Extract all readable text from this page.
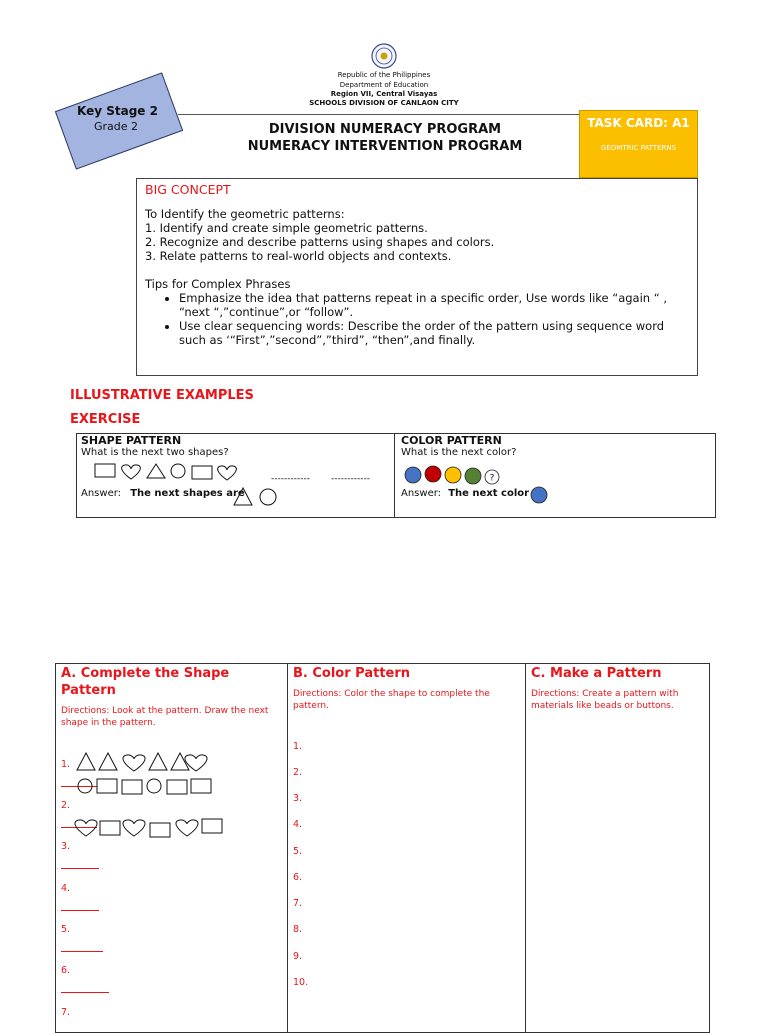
Republic of the Philippines
Department of Education
Region VII, Central Visayas
SCHOOLS DIVISION OF CANLAON CITY
Key Stage 2
Grade 2	DIVISION NUMERACY PROGRAM
NUMERACY INTERVENTION PROGRAM
TASK CARD: A1
GEOMTRIC PATTERNS
BIG CONCEPT
To Identify the geometric patterns:
1. Identify and create simple geometric patterns.
2. Recognize and describe patterns using shapes and colors.
3. Relate patterns to real-world objects and contexts.
Tips for Complex Phrases
• Emphasize the idea that patterns repeat in a specific order, Use words like “again “ , “next “,”continue”,or “follow”.
• Use clear sequencing words: Describe the order of the pattern using sequence word such as ‘“First”,”second”,”third”, “then”,and finally.
ILLUSTRATIVE EXAMPLES
EXERCISE
SHAPE PATTERN
What is the next two shapes?
------------ ------------
Answer: The next shapes are
COLOR PATTERN
What is the next color?
?
Answer: The next color
A. Complete the Shape Pattern
Directions: Look at the pattern. Draw the next shape in the pattern.
1.
2.
3.
4.
5.
6.
7.
B. Color Pattern
Directions: Color the shape to complete the pattern.
1.
2.
3.
4.
5.
6.
7.
8.
9.
10.
C. Make a Pattern
Directions: Create a pattern with materials like beads or buttons.
